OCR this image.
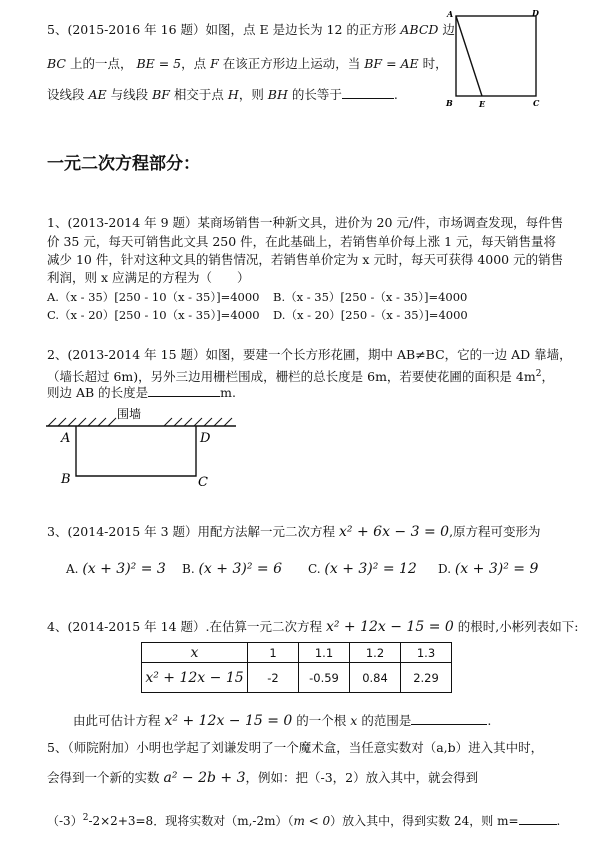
5、(2015-2016 年 16 题）如图，点 E 是边长为 12 的正方形 ABCD 边
BC 上的一点， BE = 5，点 F 在该正方形边上运动，当 BF = AE 时，
设线段 AE 与线段 BF 相交于点 H，则 BH 的长等于	.
A	D
B	E	C
一元二次方程部分：
1、(2013-2014 年 9 题）某商场销售一种新文具，进价为 20 元/件，市场调查发现，每件售
价 35 元，每天可销售此文具 250 件，在此基础上，若销售单价每上涨 1 元，每天销售量将
减少 10 件，针对这种文具的销售情况，若销售单价定为 x 元时，每天可获得 4000 元的销售
利润，则 x 应满足的方程为（　　）
A.（x - 35）[250 - 10（x - 35）]=4000 B.（x - 35）[250 -（x - 35）]=4000
C.（x - 20）[250 - 10（x - 35）]=4000 D.（x - 20）[250 -（x - 35）]=4000
2、(2013-2014 年 15 题）如图，要建一个长方形花圃，期中 AB≠BC，它的一边 AD 靠墙，
（墙长超过 6m)，另外三边用栅栏围成，栅栏的总长度是 6m，若要使花圃的面积是 $4m^2$，
则边 AB 的长度是	m.
围墙
A	D
B	C
3、(2014-2015 年 3 题）用配方法解一元二次方程 x² + 6x − 3 = 0,原方程可变形为
A. (x + 3)² = 3 B. (x + 3)² = 6 C. (x + 3)² = 12 D. (x + 3)² = 9
4、(2014-2015 年 14 题）.在估算一元二次方程 x² + 12x − 15 = 0 的根时,小彬列表如下:
x	1	1.1	1.2	1.3
x² + 12x − 15	-2	-0.59	0.84	2.29
由此可估计方程 x² + 12x − 15 = 0 的一个根 x 的范围是	.
5、（师院附加）小明也学起了刘谦发明了一个魔术盒，当任意实数对（a,b）进入其中时，
会得到一个新的实数 a² − 2b + 3，例如：把（-3，2）放入其中，就会得到
$(-3)^2-2\times 2+3=8$．现将实数对（m,-2m）（m < 0）放入其中，得到实数 24，则 m=	.
